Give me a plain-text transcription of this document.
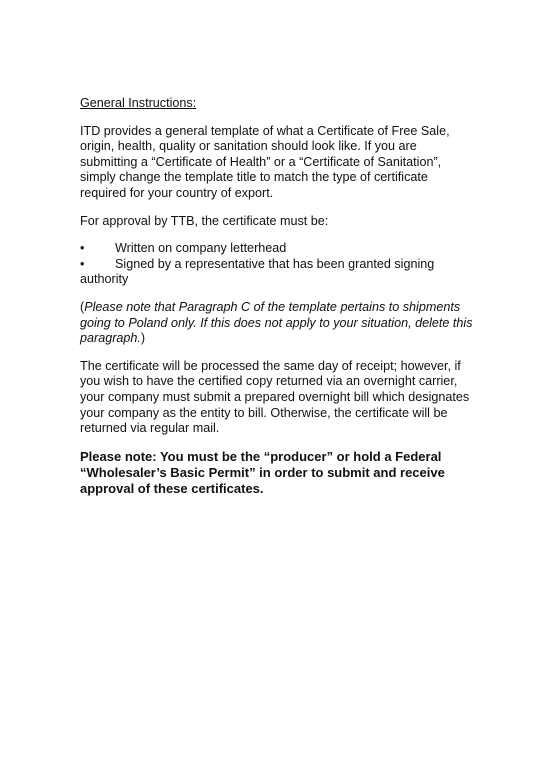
General Instructions:

ITD provides a general template of what a Certificate of Free Sale, origin, health, quality or sanitation should look like. If you are submitting a “Certificate of Health” or a “Certificate of Sanitation”, simply change the template title to match the type of certificate required for your country of export.

For approval by TTB, the certificate must be:

• Written on company letterhead
• Signed by a representative that has been granted signing authority

(Please note that Paragraph C of the template pertains to shipments going to Poland only. If this does not apply to your situation, delete this paragraph.)

The certificate will be processed the same day of receipt; however, if you wish to have the certified copy returned via an overnight carrier, your company must submit a prepared overnight bill which designates your company as the entity to bill. Otherwise, the certificate will be returned via regular mail.

Please note: You must be the “producer” or hold a Federal “Wholesaler’s Basic Permit” in order to submit and receive approval of these certificates.
